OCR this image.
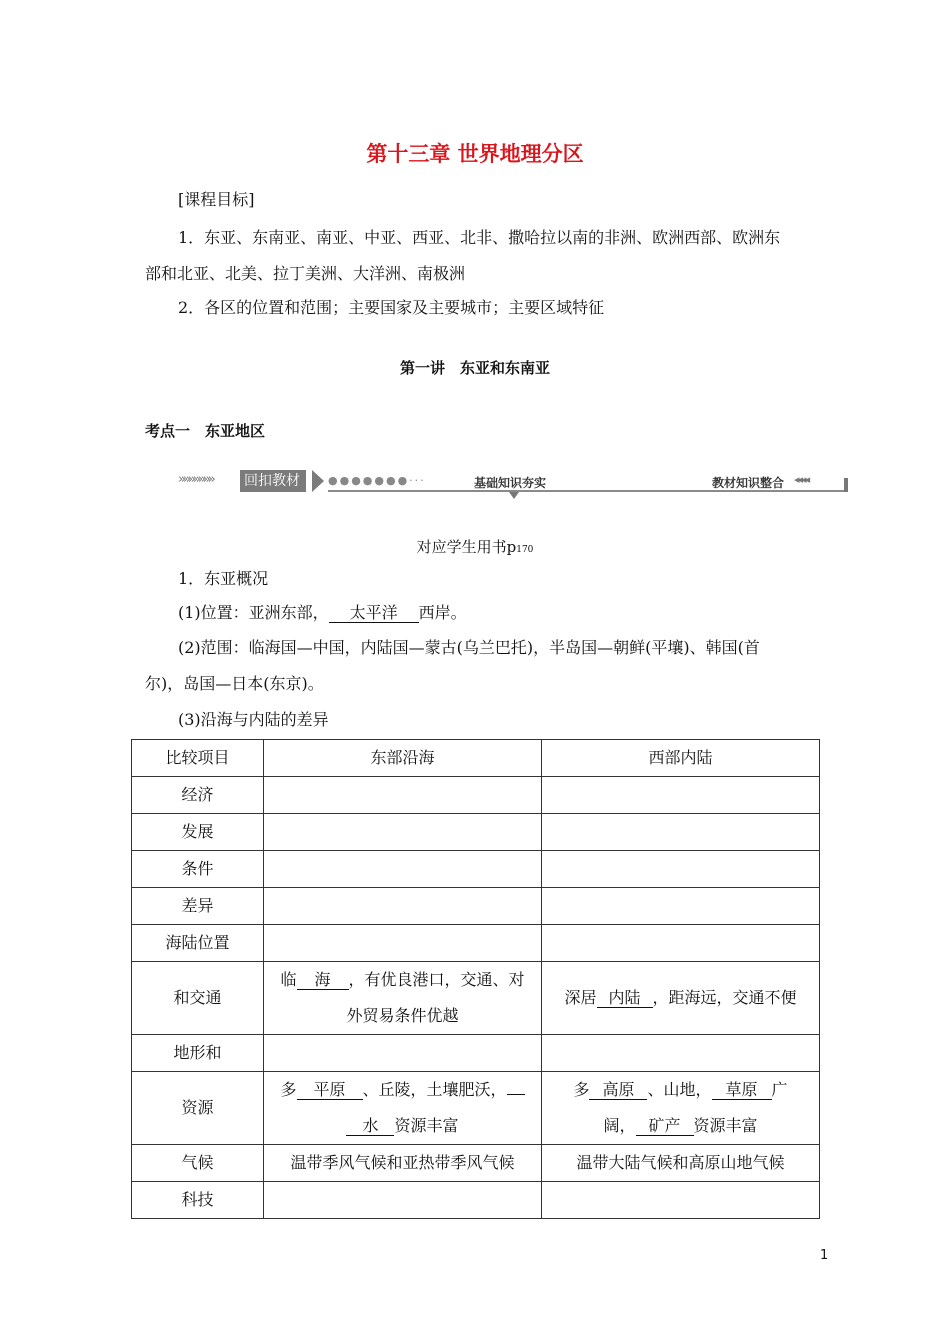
第十三章 世界地理分区
[课程目标]
1．东亚、东南亚、南亚、中亚、西亚、北非、撒哈拉以南的非洲、欧洲西部、欧洲东
部和北亚、北美、拉丁美洲、大洋洲、南极洲
2．各区的位置和范围；主要国家及主要城市；主要区域特征
第一讲　东亚和东南亚
考点一　东亚地区
»»»»»»» 回扣教材	●●●●●●●···	基础知识夯实	教材知识整合 ◂◂◂◂
对应学生用书p170
1．东亚概况
(1)位置：亚洲东部， 太平洋 西岸。
(2)范围：临海国—中国，内陆国—蒙古(乌兰巴托)，半岛国—朝鲜(平壤)、韩国(首
尔)，岛国—日本(东京)。
(3)沿海与内陆的差异
比较项目	东部沿海	西部内陆
经济		
发展		
条件		
差异		
海陆位置		
和交通	临 海 ，有优良港口，交通、对
外贸易条件优越	深居 内陆 ，距海远，交通不便
地形和		
资源	多 平原 、丘陵，土壤肥沃，
水 资源丰富	多 高原 、山地， 草原 广
阔， 矿产 资源丰富
气候	温带季风气候和亚热带季风气候	温带大陆气候和高原山地气候
科技		
1
